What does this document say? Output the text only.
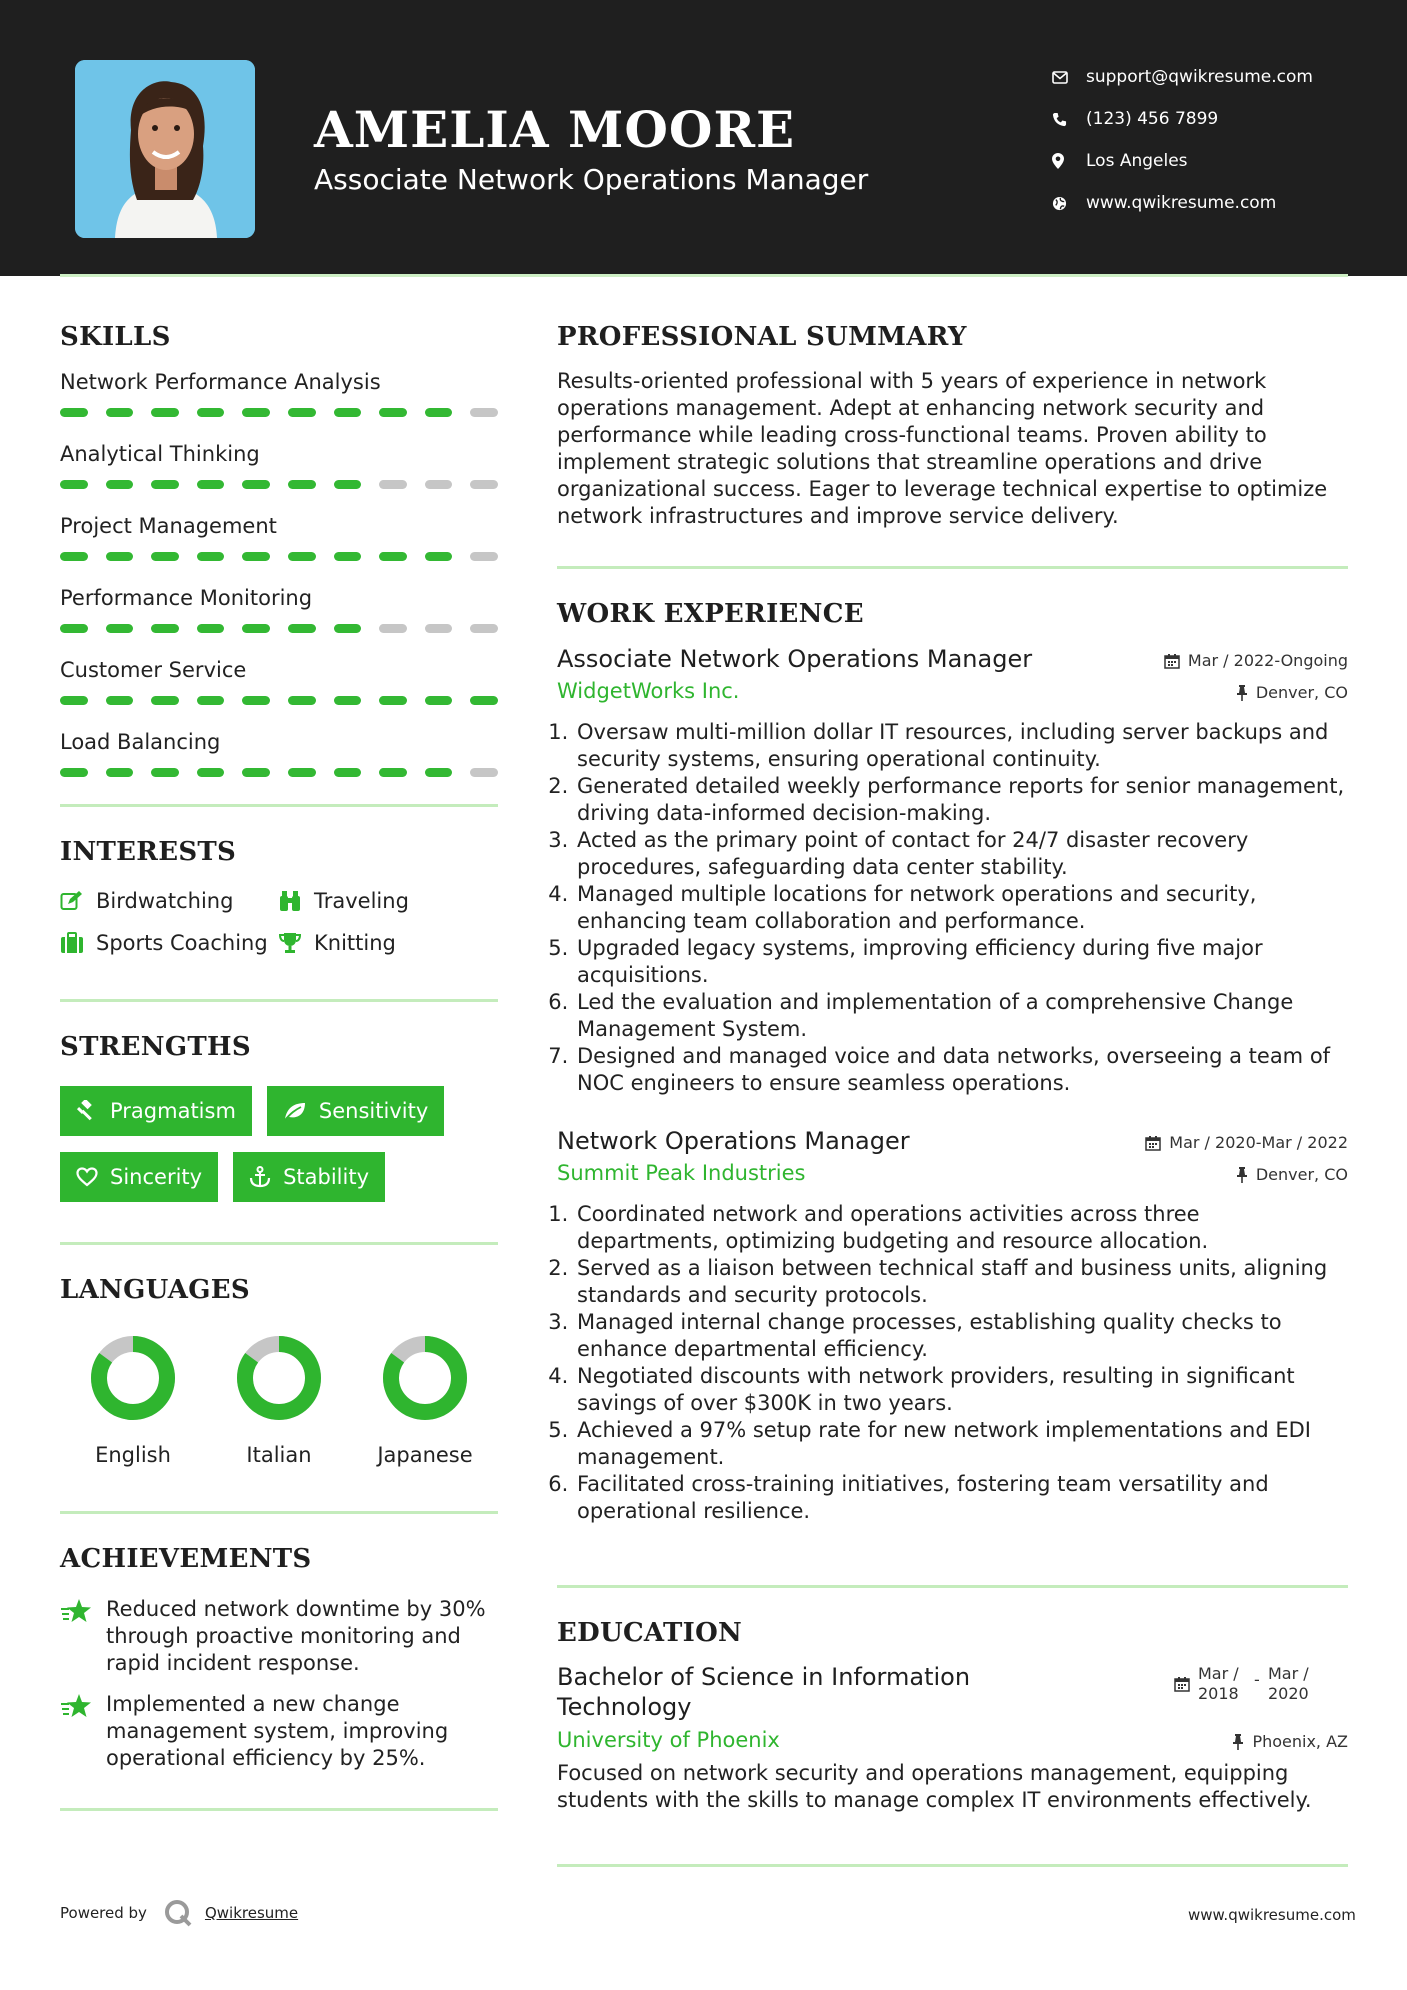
AMELIA MOORE
Associate Network Operations Manager
support@qwikresume.com
(123) 456 7899
Los Angeles
www.qwikresume.com
SKILLS
Network Performance Analysis
Analytical Thinking
Project Management
Performance Monitoring
Customer Service
Load Balancing
INTERESTS
Birdwatching	Traveling
Sports Coaching Knitting
STRENGTHS
Pragmatism	Sensitivity
Sincerity	Stability
LANGUAGES
English	Italian	Japanese
ACHIEVEMENTS
Reduced network downtime by 30% through proactive monitoring and rapid incident response.
Implemented a new change management system, improving operational efficiency by 25%.
PROFESSIONAL SUMMARY
Results-oriented professional with 5 years of experience in network operations management. Adept at enhancing network security and performance while leading cross-functional teams. Proven ability to implement strategic solutions that streamline operations and drive organizational success. Eager to leverage technical expertise to optimize network infrastructures and improve service delivery.
WORK EXPERIENCE
Associate Network Operations Manager	Mar / 2022-Ongoing
WidgetWorks Inc.	Denver, CO
1. Oversaw multi-million dollar IT resources, including server backups and security systems, ensuring operational continuity.
2. Generated detailed weekly performance reports for senior management, driving data-informed decision-making.
3. Acted as the primary point of contact for 24/7 disaster recovery procedures, safeguarding data center stability.
4. Managed multiple locations for network operations and security, enhancing team collaboration and performance.
5. Upgraded legacy systems, improving efficiency during five major acquisitions.
6. Led the evaluation and implementation of a comprehensive Change Management System.
7. Designed and managed voice and data networks, overseeing a team of NOC engineers to ensure seamless operations.
Network Operations Manager	Mar / 2020-Mar / 2022
Summit Peak Industries	Denver, CO
1. Coordinated network and operations activities across three departments, optimizing budgeting and resource allocation.
2. Served as a liaison between technical staff and business units, aligning standards and security protocols.
3. Managed internal change processes, establishing quality checks to enhance departmental efficiency.
4. Negotiated discounts with network providers, resulting in significant savings of over $300K in two years.
5. Achieved a 97% setup rate for new network implementations and EDI management.
6. Facilitated cross-training initiatives, fostering team versatility and operational resilience.
EDUCATION
Bachelor of Science in Information Technology
Mar / 2018
- Mar / 2020
University of Phoenix	Phoenix, AZ
Focused on network security and operations management, equipping students with the skills to manage complex IT environments effectively.
Powered by	Qwikresume	www.qwikresume.com
